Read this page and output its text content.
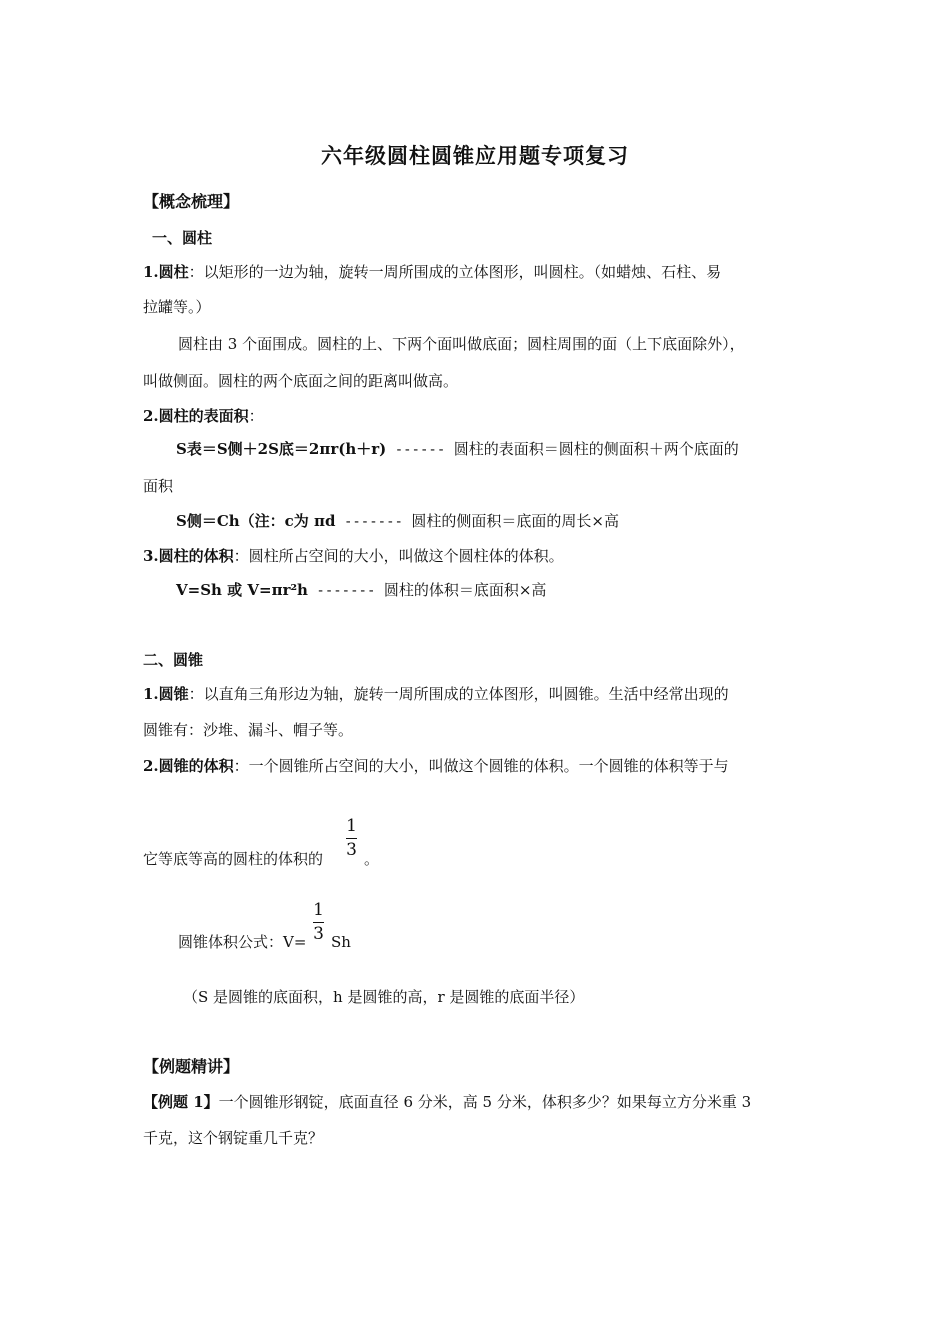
六年级圆柱圆锥应用题专项复习
【概念梳理】
一、圆柱
1.圆柱：以矩形的一边为轴，旋转一周所围成的立体图形，叫圆柱。（如蜡烛、石柱、易
拉罐等。）
圆柱由 3 个面围成。圆柱的上、下两个面叫做底面；圆柱周围的面（上下底面除外），
叫做侧面。圆柱的两个底面之间的距离叫做高。
2.圆柱的表面积：
S表＝S侧＋2S底＝2πr(h＋r) ------ 圆柱的表面积＝圆柱的侧面积＋两个底面的
面积
S侧＝Ch（注：c为 πd ------- 圆柱的侧面积＝底面的周长×高
3.圆柱的体积：圆柱所占空间的大小，叫做这个圆柱体的体积。
V=Sh 或 V=πr²h ------- 圆柱的体积＝底面积×高
二、圆锥
1.圆锥：以直角三角形边为轴，旋转一周所围成的立体图形，叫圆锥。生活中经常出现的
圆锥有：沙堆、漏斗、帽子等。
2.圆锥的体积：一个圆锥所占空间的大小，叫做这个圆锥的体积。一个圆锥的体积等于与
它等底等高的圆柱的体积的
1
3 。
圆锥体积公式：V=
1
3 Sh
（S 是圆锥的底面积，h 是圆锥的高，r 是圆锥的底面半径）
【例题精讲】
【例题 1】一个圆锥形钢锭，底面直径 6 分米，高 5 分米，体积多少？如果每立方分米重 3
千克，这个钢锭重几千克？
